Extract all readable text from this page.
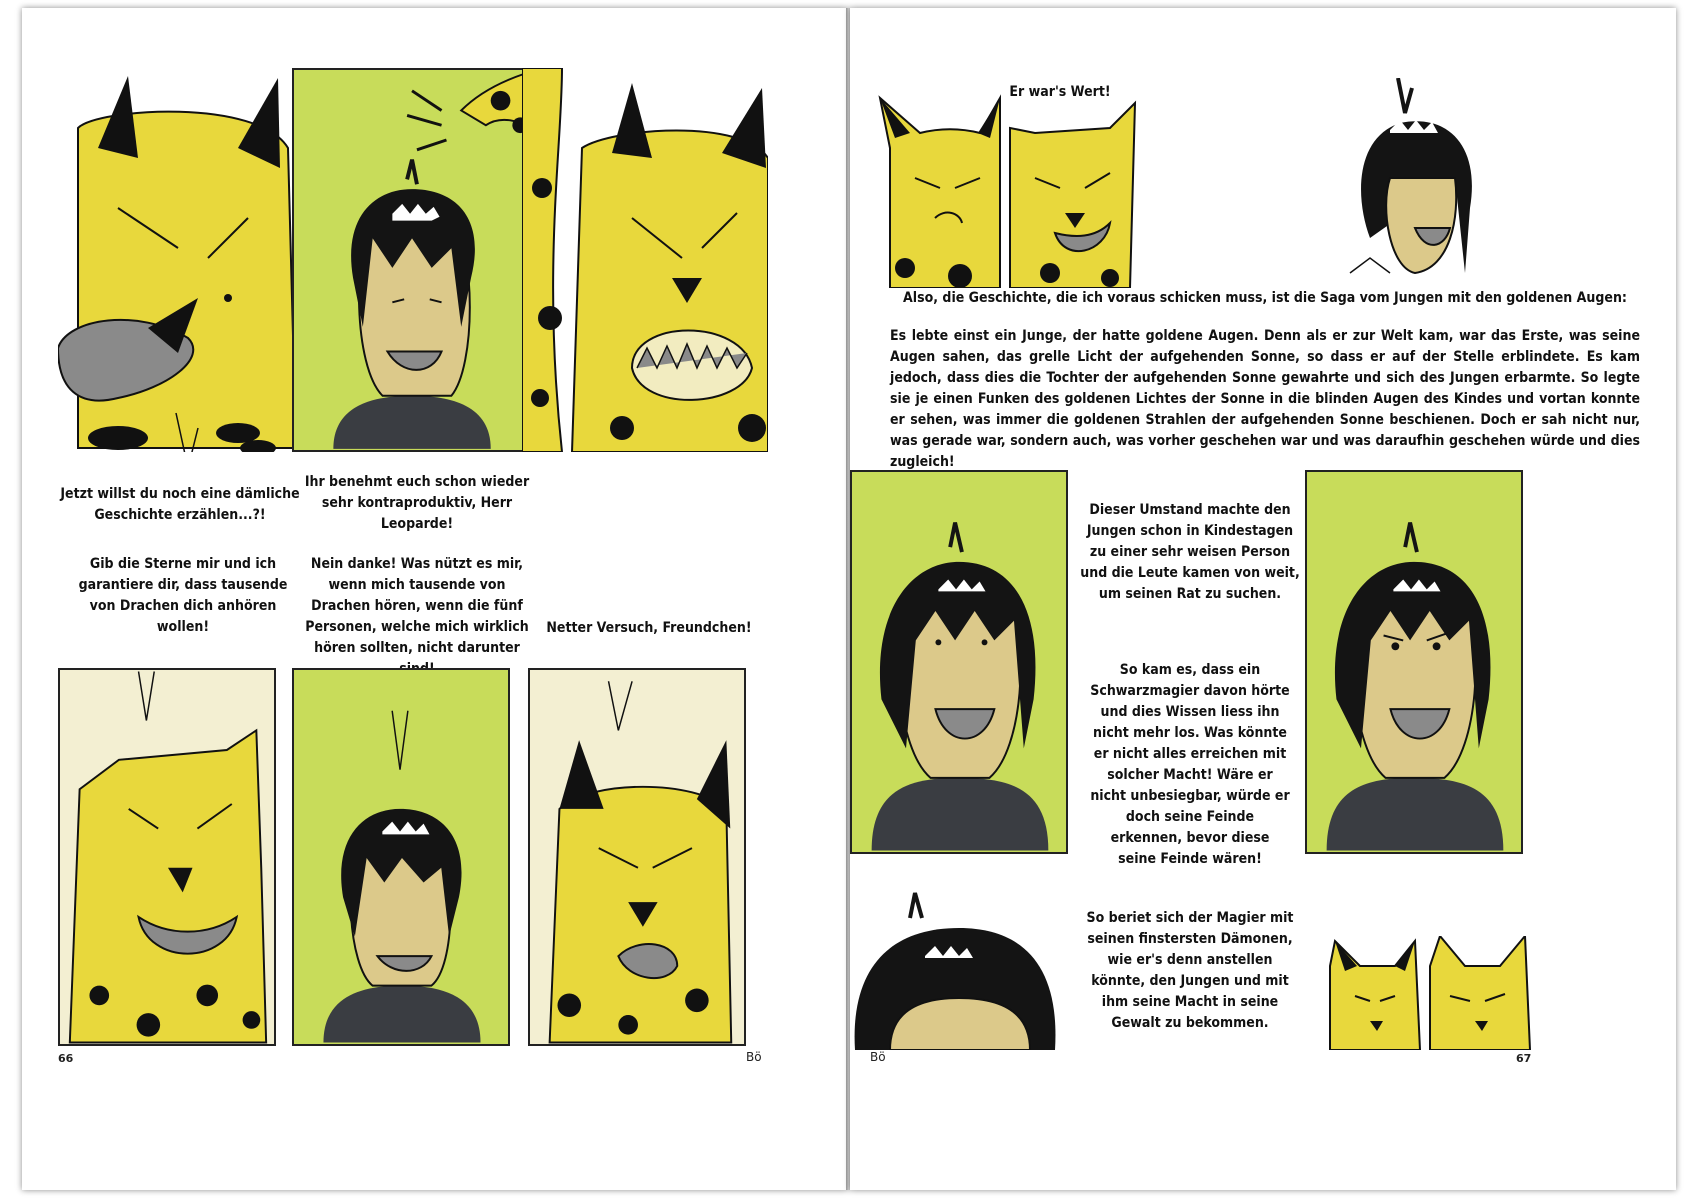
Jetzt willst du noch eine dämliche Geschichte erzählen...?!
Ihr benehmt euch schon wieder sehr kontraproduktiv, Herr Leoparde!
Gib die Sterne mir und ich garantiere dir, dass tausende von Drachen dich anhören wollen!
Nein danke! Was nützt es mir, wenn mich tausende von Drachen hören, wenn die fünf Personen, welche mich wirklich hören sollten, nicht darunter
Netter Versuch, Freundchen!
66	Bö
Er war's Wert!
Also, die Geschichte, die ich voraus schicken muss, ist die Saga vom Jungen mit den goldenen Augen:
Es lebte einst ein Junge, der hatte goldene Augen. Denn als er zur Welt kam, war das Erste, was seine Augen sahen, das grelle Licht der aufgehenden Sonne, so dass er auf der Stelle erblindete. Es kam jedoch, dass dies die Tochter der aufgehenden Sonne gewahrte und sich des Jungen erbarmte. So legte sie je einen Funken des goldenen Lichtes der Sonne in die blinden Augen des Kindes und vortan konnte er sehen, was immer die goldenen Strahlen der aufgehenden Sonne beschienen. Doch er sah nicht nur, was gerade war, sondern auch, was vorher geschehen war und was daraufhin geschehen würde und dies zugleich!
Dieser Umstand machte den Jungen schon in Kindestagen zu einer sehr weisen Person und die Leute kamen von weit, um seinen Rat zu suchen.
So kam es, dass ein Schwarzmagier davon hörte und dies Wissen liess ihn nicht mehr los. Was könnte er nicht alles erreichen mit solcher Macht! Wäre er nicht unbesiegbar, würde er doch seine Feinde erkennen, bevor diese seine Feinde wären!
So beriet sich der Magier mit seinen finstersten Dämonen, wie er's denn anstellen könnte, den Jungen und mit ihm seine Macht in seine Gewalt zu bekommen.
Bö	67
